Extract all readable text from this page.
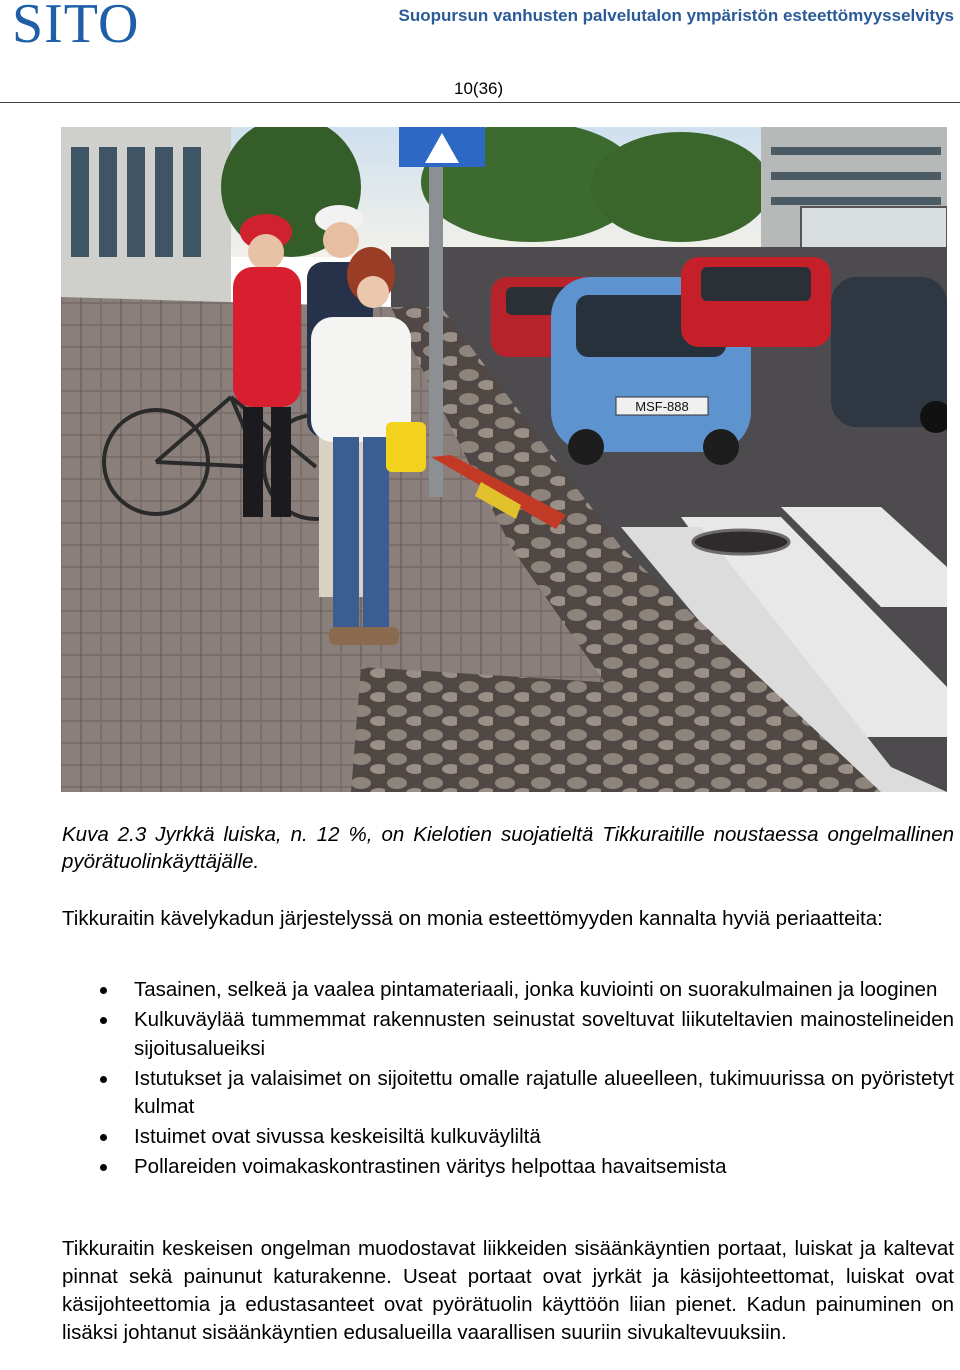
SITO	Suopursun vanhusten palvelutalon ympäristön esteettömyysselvitys
10(36)
MSF-888
Kuva 2.3 Jyrkkä luiska, n. 12 %, on Kielotien suojatieltä Tikkuraitille noustaessa ongelmallinen pyörätuolinkäyttäjälle.
Tikkuraitin kävelykadun järjestelyssä on monia esteettömyyden kannalta hyviä periaatteita:
Tasainen, selkeä ja vaalea pintamateriaali, jonka kuviointi on suorakulmainen ja looginen
Kulkuväylää tummemmat rakennusten seinustat soveltuvat liikuteltavien mainostelineiden sijoitusalueiksi
Istutukset ja valaisimet on sijoitettu omalle rajatulle alueelleen, tukimuurissa on pyöristetyt kulmat
Istuimet ovat sivussa keskeisiltä kulkuväyliltä
Pollareiden voimakaskontrastinen väritys helpottaa havaitsemista
Tikkuraitin keskeisen ongelman muodostavat liikkeiden sisäänkäyntien portaat, luiskat ja kaltevat pinnat sekä painunut katurakenne. Useat portaat ovat jyrkät ja käsijohteettomat, luiskat ovat käsijohteettomia ja edustasanteet ovat pyörätuolin käyttöön liian pienet. Kadun painuminen on lisäksi johtanut sisäänkäyntien edusalueilla vaarallisen suuriin sivukaltevuuksiin.
